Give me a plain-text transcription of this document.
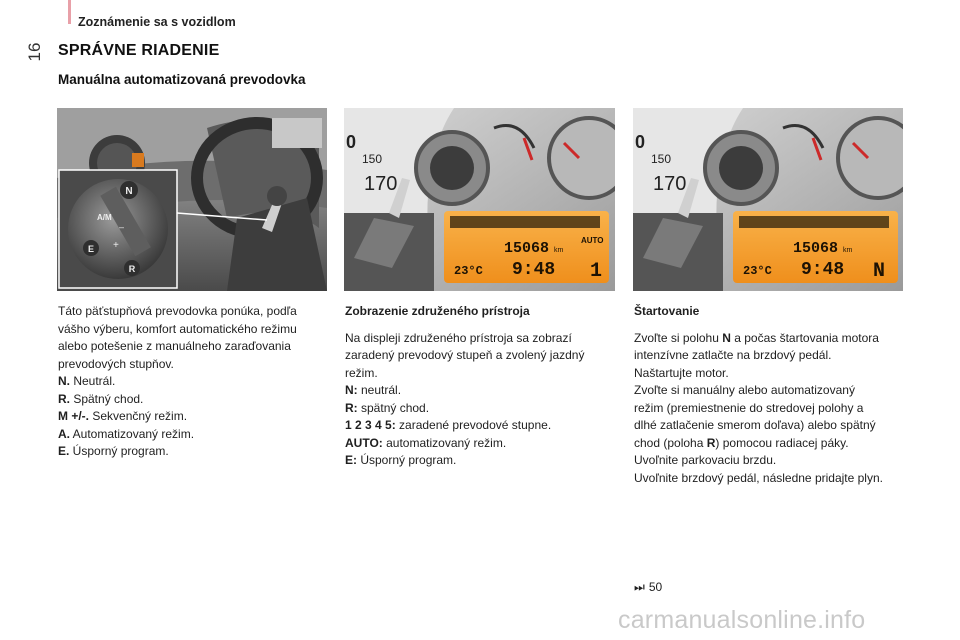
Zoznámenie sa s vozidlom
16 SPRÁVNE RIADENIE
Manuálna automatizovaná prevodovka
N
A/M
E
–
+
R
0
150
170
15068 km
AUTO
23°C 9:48 1
0
150
170
15068 km
23°C 9:48 N
Táto päťstupňová prevodovka ponúka, podľa
vášho výberu, komfort automatického režimu
alebo potešenie z manuálneho zaraďovania
prevodových stupňov.
N. Neutrál.
R. Spätný chod.
M +/-. Sekvenčný režim.
A. Automatizovaný režim.
E. Úsporný program.
Zobrazenie združeného prístroja
Na displeji združeného prístroja sa zobrazí
zaradený prevodový stupeň a zvolený jazdný
režim.
N: neutrál.
R: spätný chod.
1 2 3 4 5: zaradené prevodové stupne.
AUTO: automatizovaný režim.
E: Úsporný program.
Štartovanie
Zvoľte si polohu N a počas štartovania motora
intenzívne zatlačte na brzdový pedál.
Naštartujte motor.
Zvoľte si manuálny alebo automatizovaný
režim (premiestnenie do stredovej polohy a
dlhé zatlačenie smerom doľava) alebo spätný
chod (poloha R) pomocou radiacej páky.
Uvoľnite parkovaciu brzdu.
Uvoľnite brzdový pedál, následne pridajte plyn.
⏭ 50
carmanualsonline.info
